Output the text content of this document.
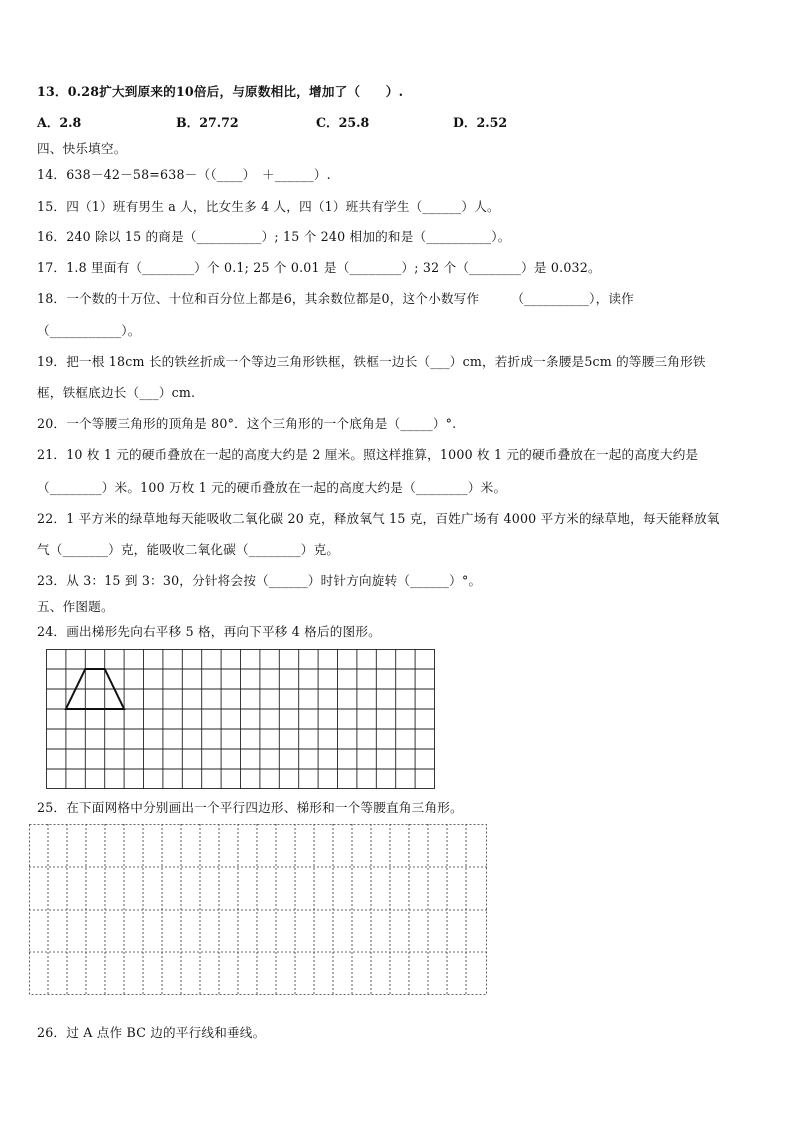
13．0.28扩大到原来的10倍后，与原数相比，增加了（　　）.
A．2.8	B．27.72	C．25.8	D．2.52
四、快乐填空。
14．638－42－58=638－（（____）　＋______）.
15．四（1）班有男生 a 人，比女生多 4 人，四（1）班共有学生（______）人。
16．240 除以 15 的商是（__________）; 15 个 240 相加的和是（__________）。
17．1.8 里面有（________）个 0.1; 25 个 0.01 是（________）; 32 个（________）是 0.032。
18．一个数的十万位、十位和百分位上都是6，其余数位都是0，这个小数写作　　　（__________），读作
（___________）。
19．把一根 18cm 长的铁丝折成一个等边三角形铁框，铁框一边长（___）cm，若折成一条腰是5cm 的等腰三角形铁
框，铁框底边长（___）cm.
20．一个等腰三角形的顶角是 80°．这个三角形的一个底角是（_____）°.
21．10 枚 1 元的硬币叠放在一起的高度大约是 2 厘米。照这样推算，1000 枚 1 元的硬币叠放在一起的高度大约是
（________）米。100 万枚 1 元的硬币叠放在一起的高度大约是（________）米。
22．1 平方米的绿草地每天能吸收二氧化碳 20 克，释放氧气 15 克，百姓广场有 4000 平方米的绿草地，每天能释放氧
气（_______）克，能吸收二氧化碳（________）克。
23．从 3：15 到 3：30，分针将会按（______）时针方向旋转（______）°。
五、作图题。
24．画出梯形先向右平移 5 格，再向下平移 4 格后的图形。
25．在下面网格中分别画出一个平行四边形、梯形和一个等腰直角三角形。
26．过 A 点作 BC 边的平行线和垂线。
